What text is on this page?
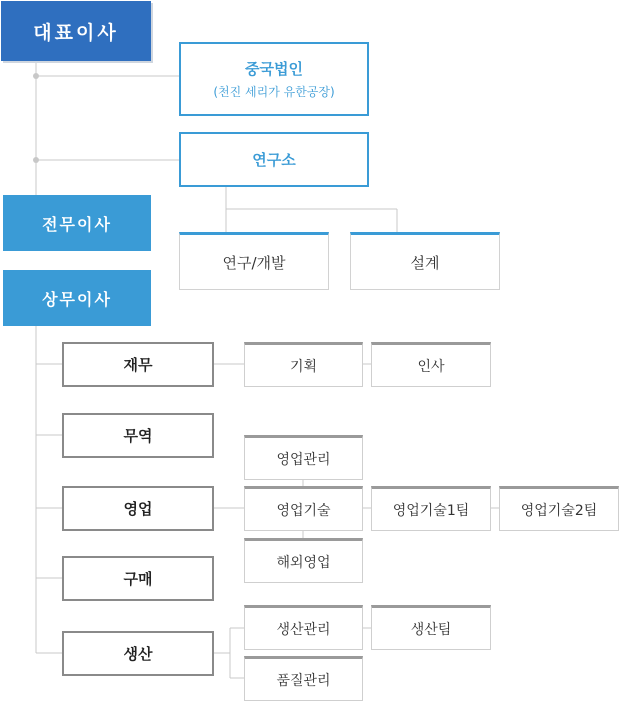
대표이사
중국법인
(천진 세리가 유한공장)
연구소
연구/개발	설계
전무이사
상무이사
재무
무역
영업
구매
생산
기획	인사
영업관리
영업기술
해외영업
영업기술1팀	영업기술2팀
생산관리
품질관리
생산팀
